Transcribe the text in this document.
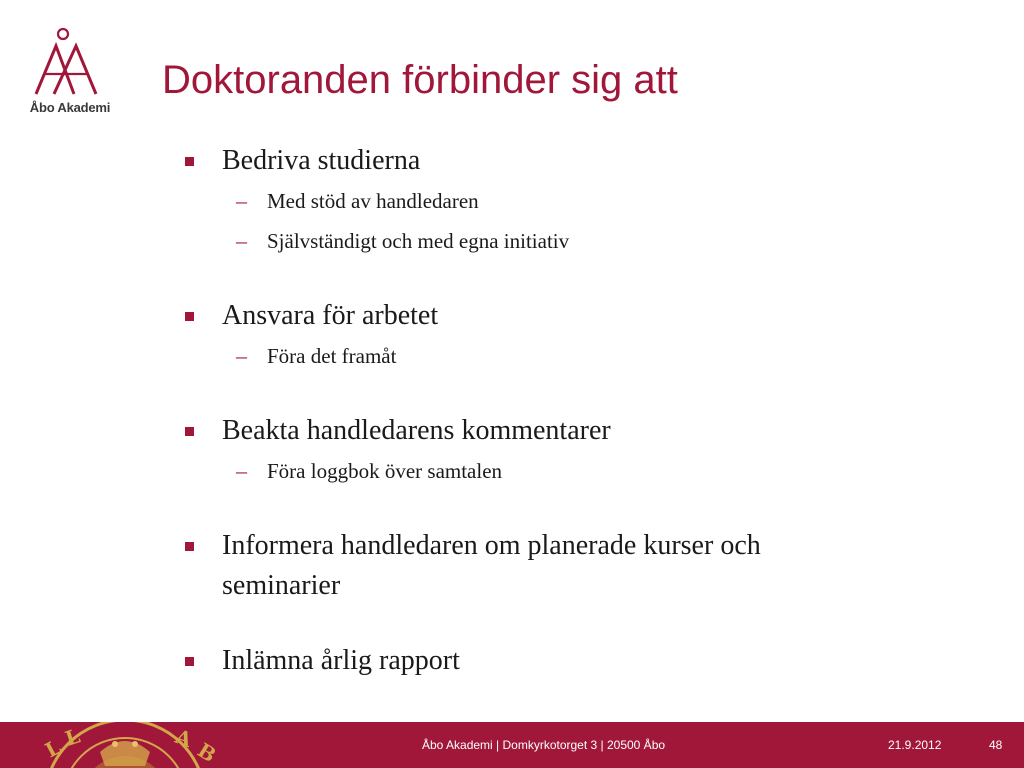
Åbo Akademi
Doktoranden förbinder sig att
Bedriva studierna
– Med stöd av handledaren
– Självständigt och med egna initiativ
Ansvara för arbetet
– Föra det framåt
Beakta handledarens kommentarer
– Föra loggbok över samtalen
Informera handledaren om planerade kurser och
seminarier
Inlämna årlig rapport
L
L	A
B	Åbo Akademi | Domkyrkotorget 3 | 20500 Åbo	21.9.2012	48
